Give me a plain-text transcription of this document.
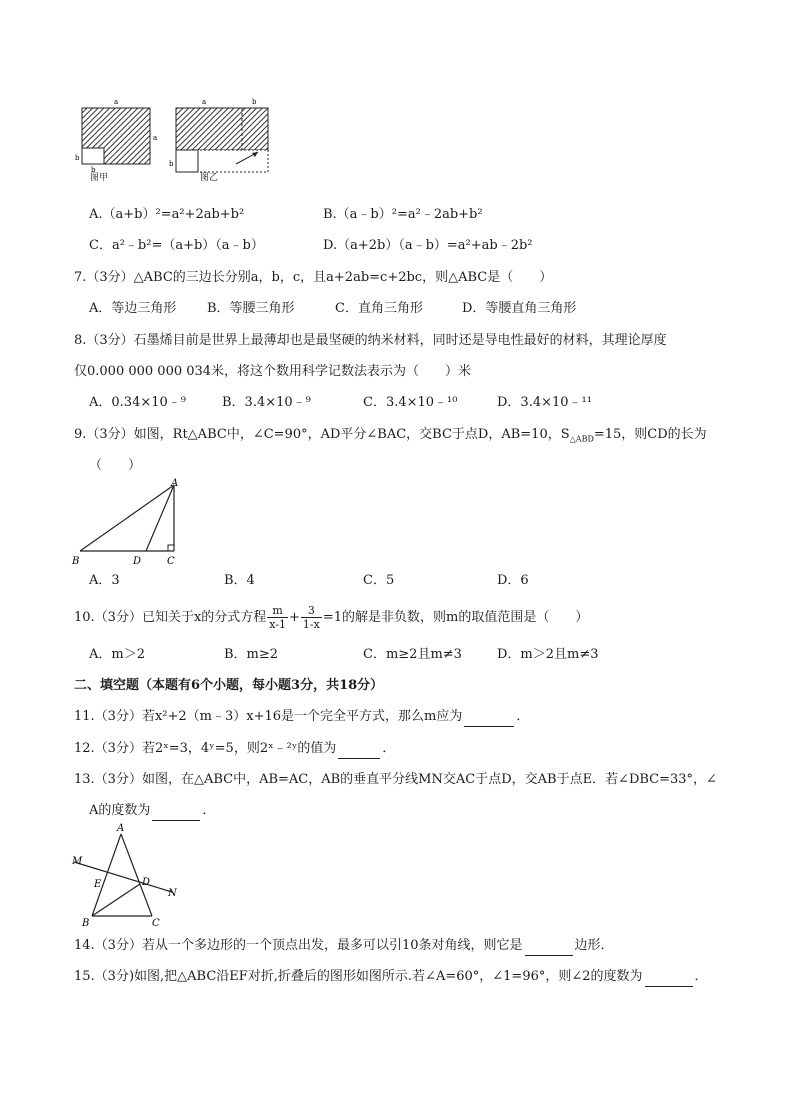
a
a
b
b
a	b
b
图甲	图乙
A.（a+b）²=a²+2ab+b²	B.（a﹣b）²=a²﹣2ab+b²
C．a²﹣b²=（a+b）（a﹣b）	D.（a+2b）（a﹣b）=a²+ab﹣2b²
7.（3分）△ABC的三边长分别a，b，c，且a+2ab=c+2bc，则△ABC是（　　）
A．等边三角形 B．等腰三角形	C．直角三角形	D．等腰直角三角形
8.（3分）石墨烯目前是世界上最薄却也是最坚硬的纳米材料，同时还是导电性最好的材料，其理论厚度
仅0.000 000 000 034米，将这个数用科学记数法表示为（　　）米
A．0.34×10﹣⁹	B．3.4×10﹣⁹	C．3.4×10﹣¹⁰	D．3.4×10﹣¹¹
9.（3分）如图，Rt△ABC中，∠C=90°，AD平分∠BAC，交BC于点D，AB=10，$S_{\triangle ABD}=15$，则CD的长为
（　　）
A
B	D	C
A．3	B．4	C．5	D．6
10.（3分）已知关于x的分式方程 $\frac{m}{x-1} + \frac{3}{1-x} =1$的解是非负数，则m的取值范围是（　　）
A．m＞2	B．m≥2	C．m≥2且m≠3	D．m＞2且m≠3
二、填空题（本题有6个小题，每小题3分，共18分）
11.（3分）若x²+2（m﹣3）x+16是一个完全平方式，那么m应为	．
12.（3分）若2ˣ=3，4ʸ=5，则2ˣ﹣²ʸ的值为	．
13.（3分）如图，在△ABC中，AB=AC，AB的垂直平分线MN交AC于点D，交AB于点E．若∠DBC=33°，∠
A的度数为	．
A
M
E	D
N
B	C
14.（3分）若从一个多边形的一个顶点出发，最多可以引10条对角线，则它是	边形．
15.（3分)如图,把△ABC沿EF对折,折叠后的图形如图所示.若∠A=60°，∠1=96°，则∠2的度数为	．
